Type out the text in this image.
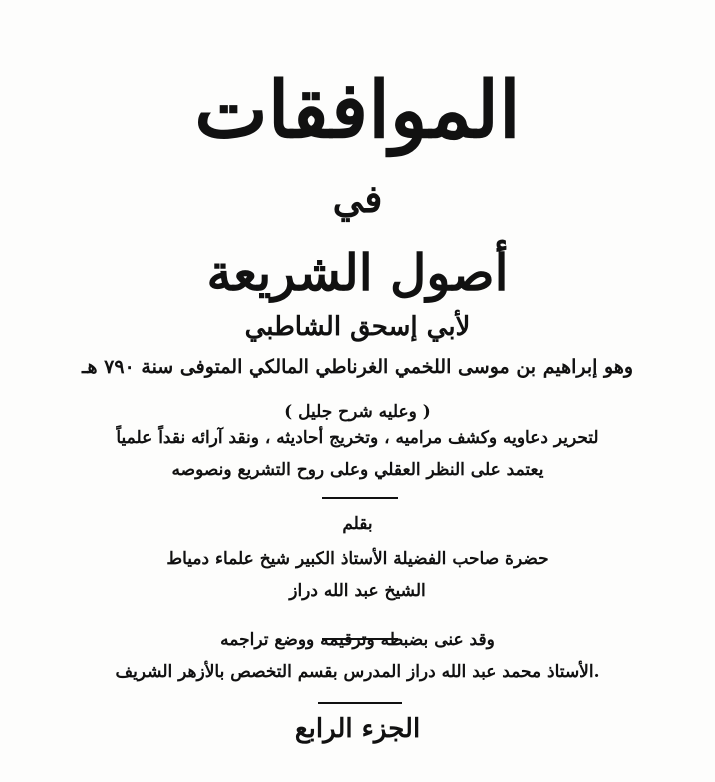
الموافقات
في
أصول الشريعة
لأبي إسحق الشاطبي
وهو إبراهيم بن موسى اللخمي الغرناطي المالكي المتوفى سنة ٧٩٠ هـ
( وعليه شرح جليل )
لتحرير دعاويه وكشف مراميه ، وتخريج أحاديثه ، ونقد آرائه نقداً علمياً
يعتمد على النظر العقلي وعلى روح التشريع ونصوصه
بقلم
حضرة صاحب الفضيلة الأستاذ الكبير شيخ علماء دمياط
الشيخ عبد الله دراز
وقد عنى بضبطه وترقيمه ووضع تراجمه
.الأستاذ محمد عبد الله دراز المدرس بقسم التخصص بالأزهر الشريف
الجزء الرابع
